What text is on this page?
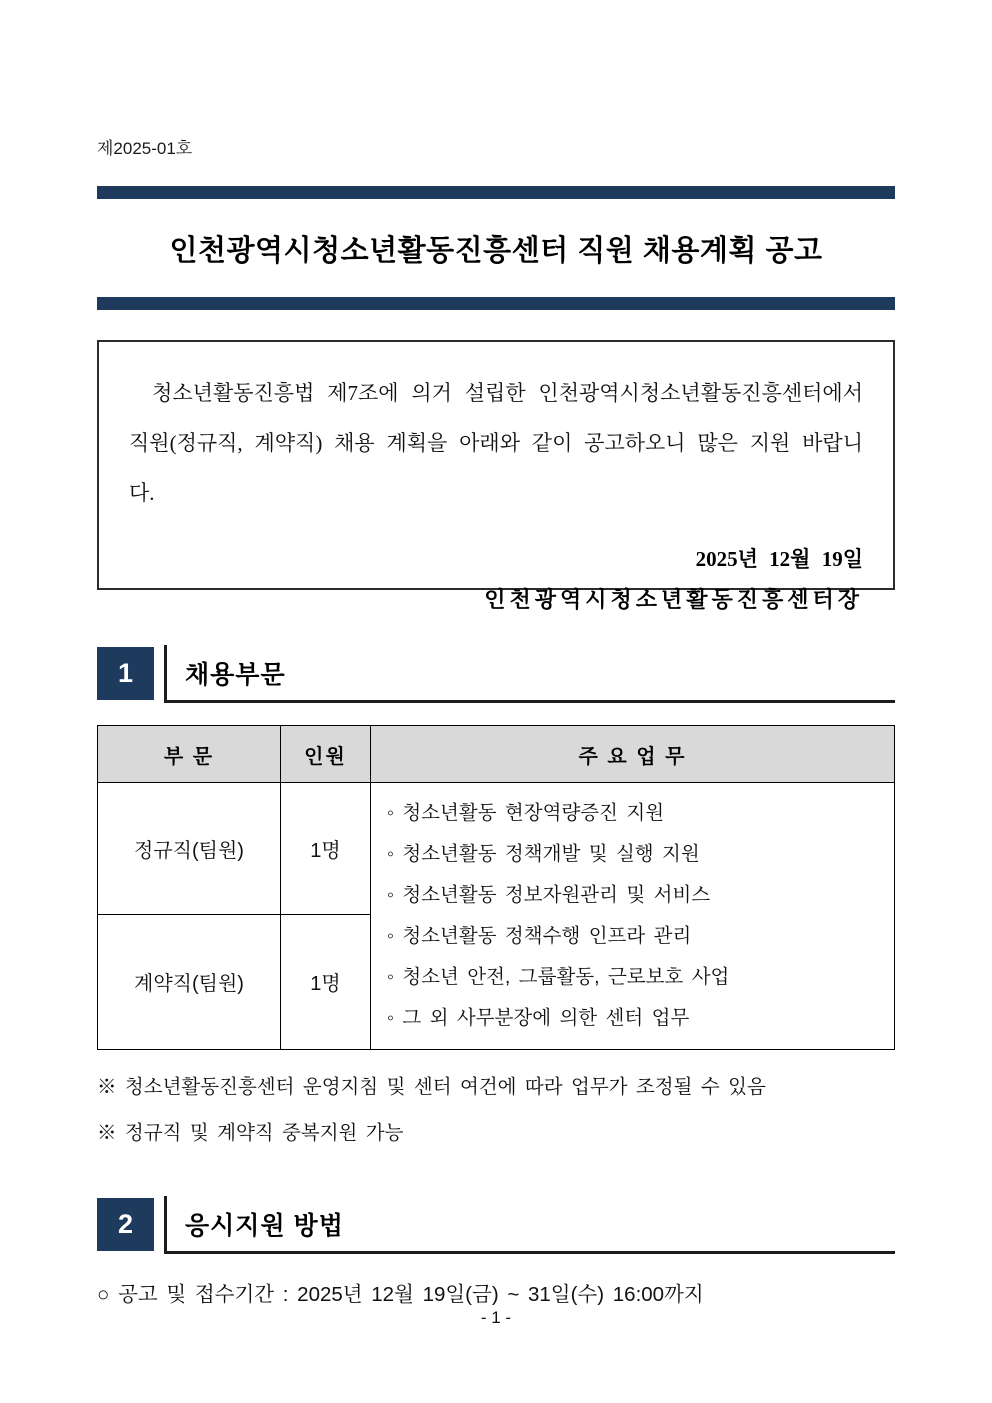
제2025-01호
인천광역시청소년활동진흥센터 직원 채용계획 공고
청소년활동진흥법 제7조에 의거 설립한 인천광역시청소년활동진흥센터에서
직원(정규직, 계약직) 채용 계획을 아래와 같이 공고하오니 많은 지원 바랍니다.
2025년 12월 19일
인천광역시청소년활동진흥센터장
1	채용부문
부 문	인원	주 요 업 무
정규직(팀원)	1명	
◦ 청소년활동 현장역량증진 지원
◦ 청소년활동 정책개발 및 실행 지원
◦ 청소년활동 정보자원관리 및 서비스
◦ 청소년활동 정책수행 인프라 관리
◦ 청소년 안전, 그룹활동, 근로보호 사업
◦ 그 외 사무분장에 의한 센터 업무

계약직(팀원)	1명	
※ 청소년활동진흥센터 운영지침 및 센터 여건에 따라 업무가 조정될 수 있음
※ 정규직 및 계약직 중복지원 가능
2	응시지원 방법
○ 공고 및 접수기간 : 2025년 12월 19일(금) ~ 31일(수) 16:00까지
- 1 -
